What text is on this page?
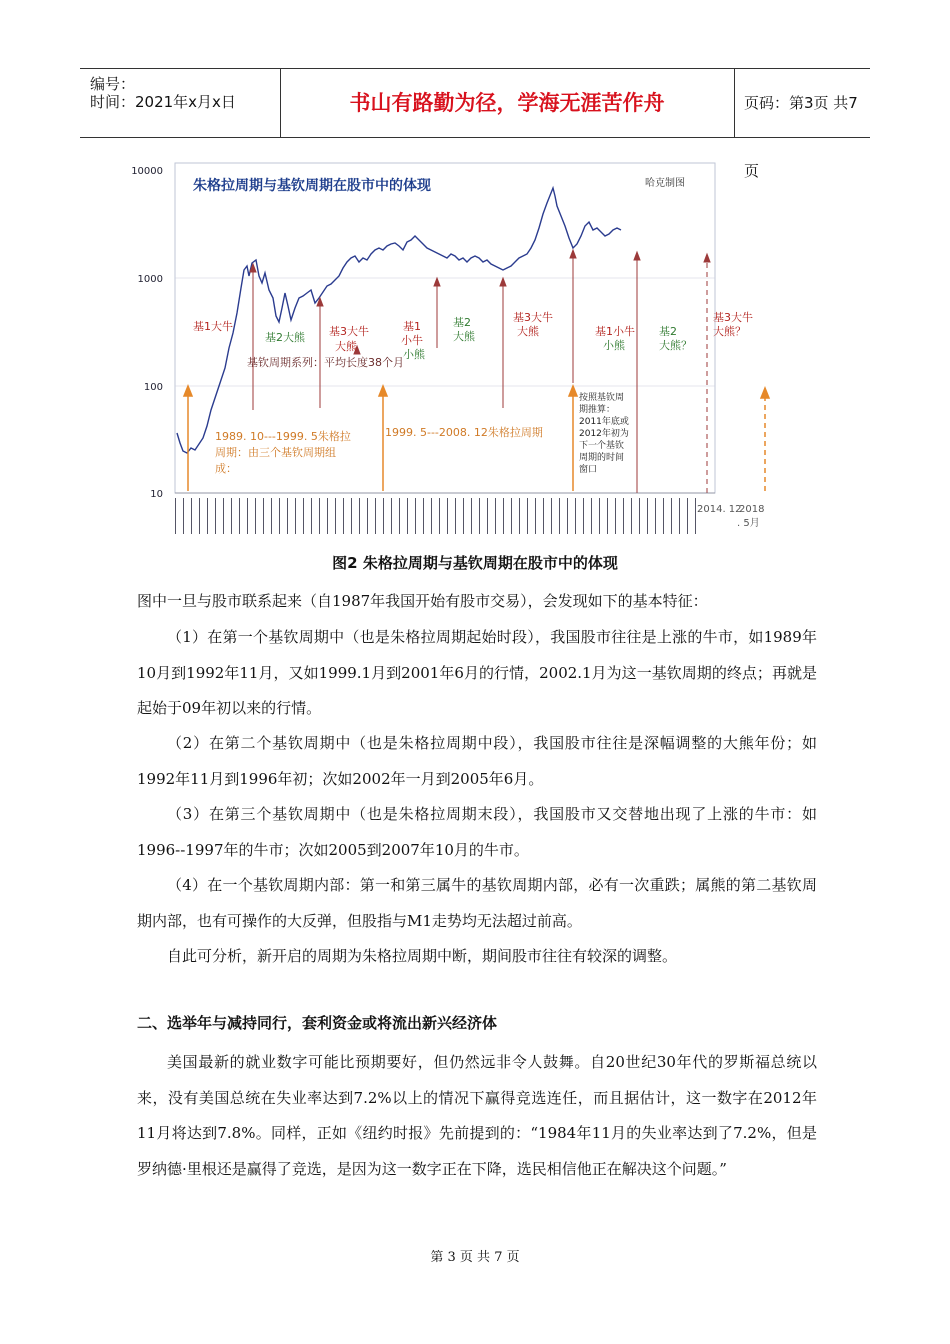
编号：
时间：2021年x月x日	书山有路勤为径，学海无涯苦作舟	页码：第3页 共7页
10000
1000
100
10
朱格拉周期与基钦周期在股市中的体现	哈克制图
基1大牛
基2大熊 基3大牛
大熊
基1
小牛
小熊
基2
大熊
基3大牛
大熊	基1小牛
小熊
基2
大熊？
基3大牛
大熊？
基钦周期系列：平均长度38个月
1989. 10---1999. 5朱格拉
周期：由三个基钦周期组
成：
1999. 5---2008. 12朱格拉周期
按照基钦周
期推算：
2011年底或
2012年初为
下一个基钦
周期的时间
窗口
2014. 12
2018
. 5月
图2 朱格拉周期与基钦周期在股市中的体现
图中一旦与股市联系起来（自1987年我国开始有股市交易），会发现如下的基本特征：
（1）在第一个基钦周期中（也是朱格拉周期起始时段），我国股市往往是上涨的牛市，如1989年10月到1992年11月，又如1999.1月到2001年6月的行情，2002.1月为这一基钦周期的终点；再就是起始于09年初以来的行情。
（2）在第二个基钦周期中（也是朱格拉周期中段），我国股市往往是深幅调整的大熊年份；如1992年11月到1996年初；次如2002年一月到2005年6月。
（3）在第三个基钦周期中（也是朱格拉周期末段），我国股市又交替地出现了上涨的牛市：如1996--1997年的牛市；次如2005到2007年10月的牛市。
（4）在一个基钦周期内部：第一和第三属牛的基钦周期内部，必有一次重跌；属熊的第二基钦周期内部，也有可操作的大反弹，但股指与M1走势均无法超过前高。
自此可分析，新开启的周期为朱格拉周期中断，期间股市往往有较深的调整。
二、选举年与减持同行，套利资金或将流出新兴经济体
美国最新的就业数字可能比预期要好，但仍然远非令人鼓舞。自20世纪30年代的罗斯福总统以来，没有美国总统在失业率达到7.2%以上的情况下赢得竞选连任，而且据估计，这一数字在2012年11月将达到7.8%。同样，正如《纽约时报》先前提到的：“1984年11月的失业率达到了7.2%，但是罗纳德·里根还是赢得了竞选，是因为这一数字正在下降，选民相信他正在解决这个问题。”
第 3 页 共 7 页
